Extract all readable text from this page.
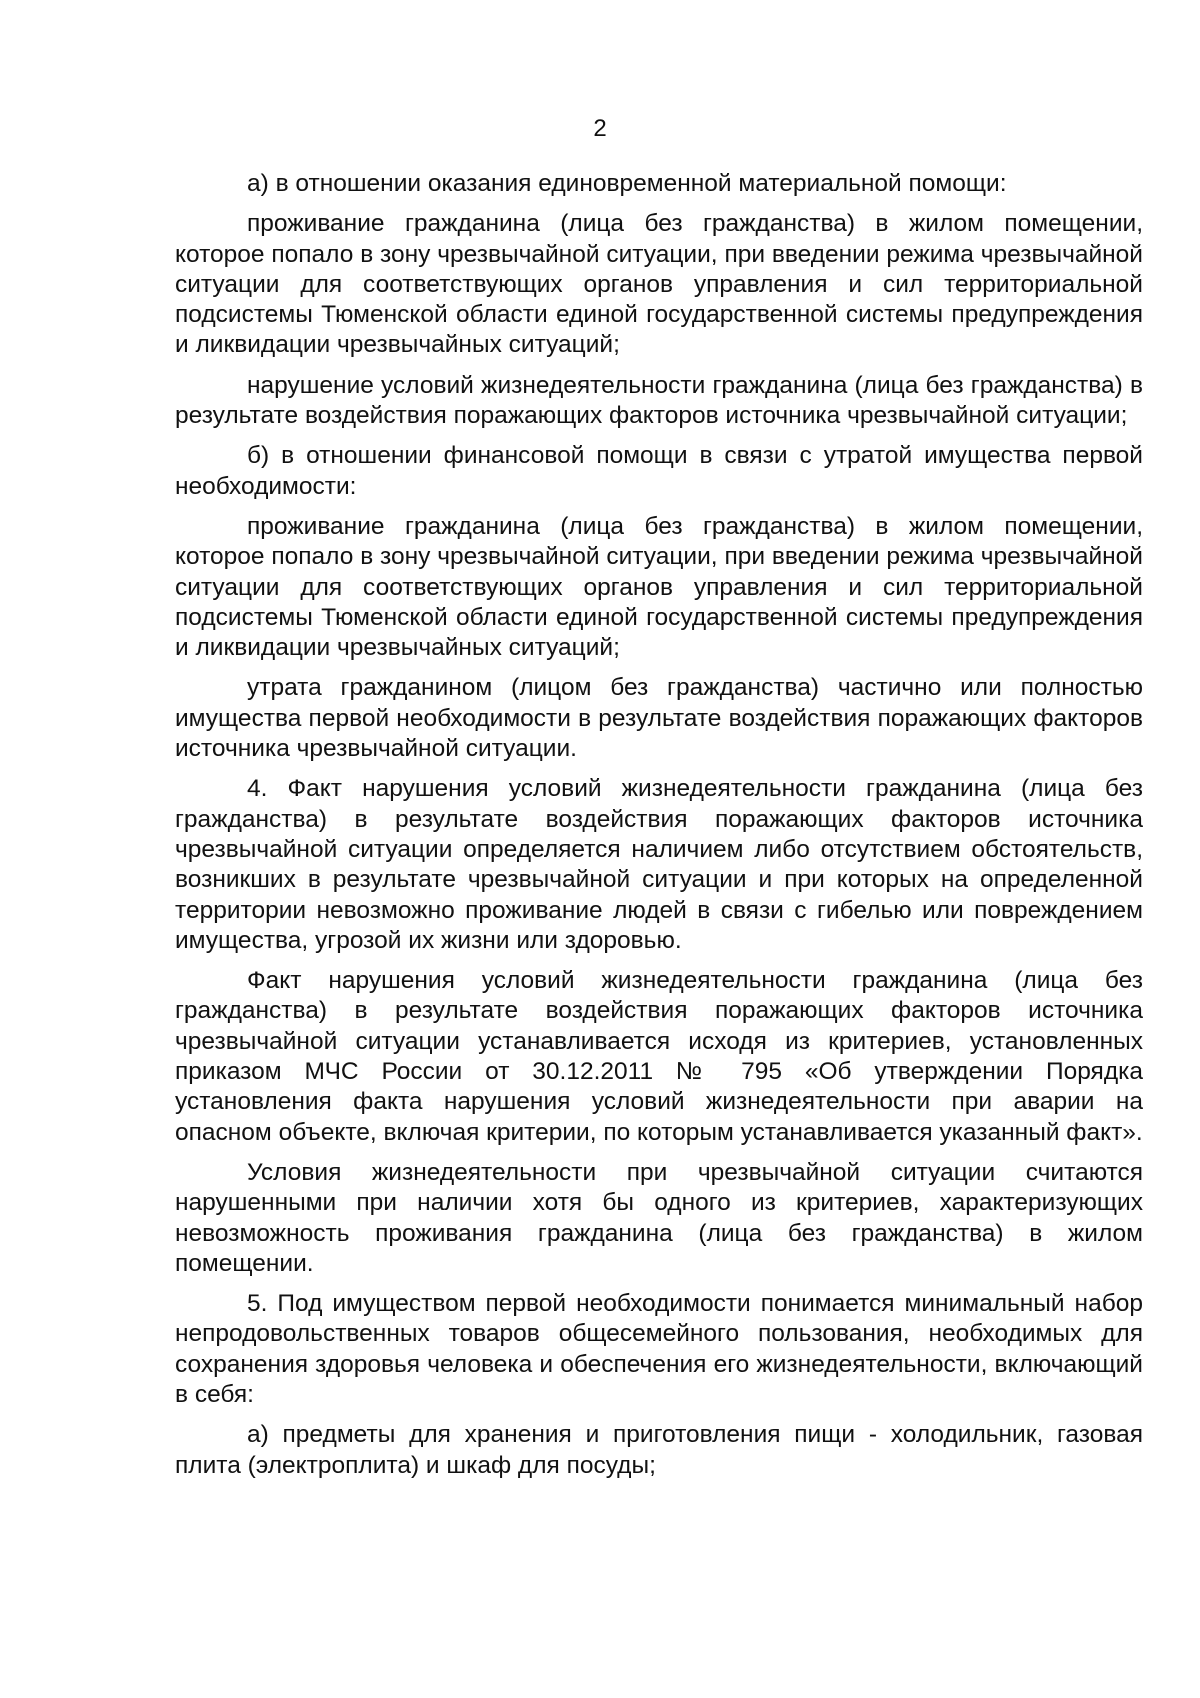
2

а) в отношении оказания единовременной материальной помощи:

проживание гражданина (лица без гражданства) в жилом помещении, которое попало в зону чрезвычайной ситуации, при введении режима чрезвычайной ситуации для соответствующих органов управления и сил территориальной подсистемы Тюменской области единой государственной системы предупреждения и ликвидации чрезвычайных ситуаций;

нарушение условий жизнедеятельности гражданина (лица без гражданства) в результате воздействия поражающих факторов источника чрезвычайной ситуации;

б) в отношении финансовой помощи в связи с утратой имущества первой необходимости:

проживание гражданина (лица без гражданства) в жилом помещении, которое попало в зону чрезвычайной ситуации, при введении режима чрезвычайной ситуации для соответствующих органов управления и сил территориальной подсистемы Тюменской области единой государственной системы предупреждения и ликвидации чрезвычайных ситуаций;

утрата гражданином (лицом без гражданства) частично или полностью имущества первой необходимости в результате воздействия поражающих факторов источника чрезвычайной ситуации.

4. Факт нарушения условий жизнедеятельности гражданина (лица без гражданства) в результате воздействия поражающих факторов источника чрезвычайной ситуации определяется наличием либо отсутствием обстоятельств, возникших в результате чрезвычайной ситуации и при которых на определенной территории невозможно проживание людей в связи с гибелью или повреждением имущества, угрозой их жизни или здоровью.

Факт нарушения условий жизнедеятельности гражданина (лица без гражданства) в результате воздействия поражающих факторов источника чрезвычайной ситуации устанавливается исходя из критериев, установленных приказом МЧС России от 30.12.2011 № 795 «Об утверждении Порядка установления факта нарушения условий жизнедеятельности при аварии на опасном объекте, включая критерии, по которым устанавливается указанный факт».

Условия жизнедеятельности при чрезвычайной ситуации считаются нарушенными при наличии хотя бы одного из критериев, характеризующих невозможность проживания гражданина (лица без гражданства) в жилом помещении.

5. Под имуществом первой необходимости понимается минимальный набор непродовольственных товаров общесемейного пользования, необходимых для сохранения здоровья человека и обеспечения его жизнедеятельности, включающий в себя:

а) предметы для хранения и приготовления пищи - холодильник, газовая плита (электроплита) и шкаф для посуды;
